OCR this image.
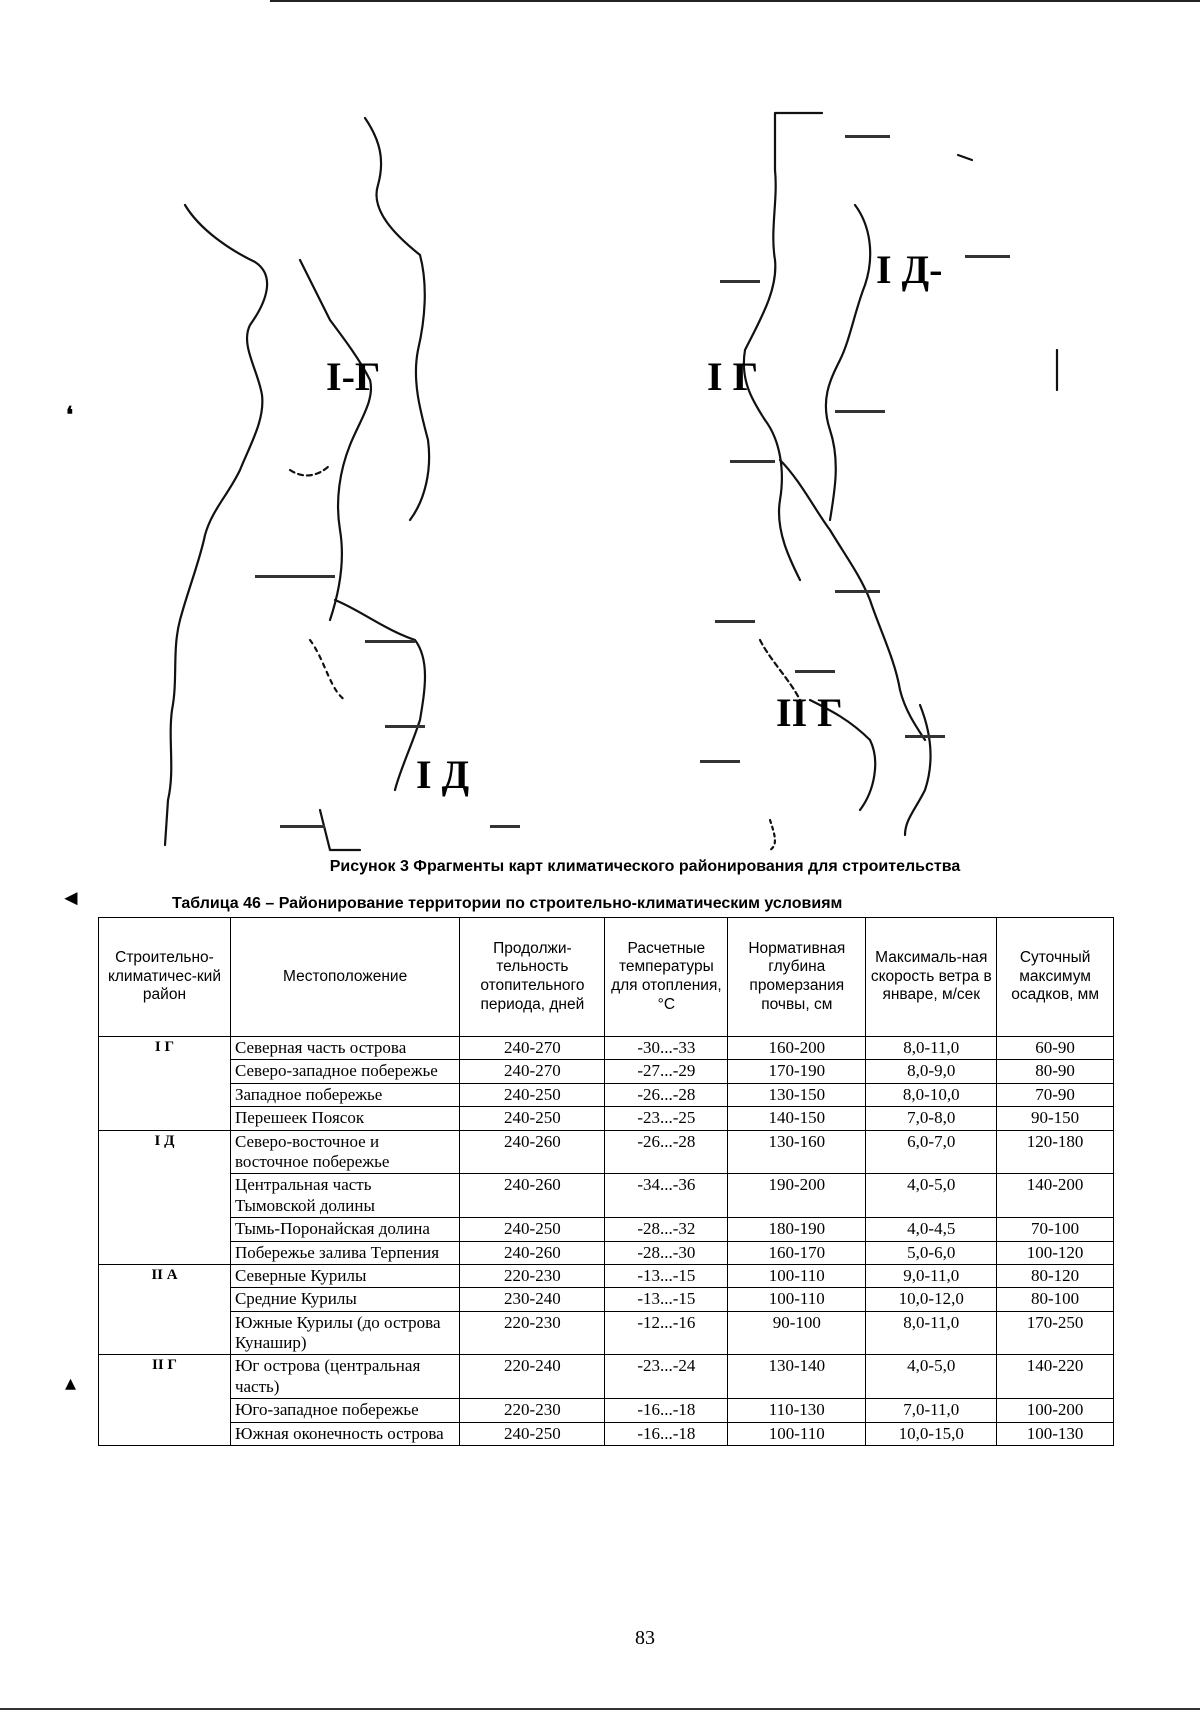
I-Г
I Д
I Д-
I Г
II Г
❛
◄
▴
Рисунок 3 Фрагменты карт климатического районирования для строительства
Таблица 46 – Районирование территории по строительно-климатическим условиям
Строительно-климатичес-кий район	Местоположение	Продолжи-тельность отопительного периода, дней	Расчетные температуры для отопления, °С	Нормативная глубина промерзания почвы, см	Максималь-ная скорость ветра в январе, м/сек	Суточный максимум осадков, мм
I Г	Северная часть острова	240-270	-30...-33	160-200	8,0-11,0	60-90
	Северо-западное побережье	240-270	-27...-29	170-190	8,0-9,0	80-90
	Западное побережье	240-250	-26...-28	130-150	8,0-10,0	70-90
	Перешеек Поясок	240-250	-23...-25	140-150	7,0-8,0	90-150
I Д	Северо-восточное и восточное побережье	240-260	-26...-28	130-160	6,0-7,0	120-180
	Центральная часть Тымовской долины	240-260	-34...-36	190-200	4,0-5,0	140-200
	Тымь-Поронайская долина	240-250	-28...-32	180-190	4,0-4,5	70-100
	Побережье залива Терпения	240-260	-28...-30	160-170	5,0-6,0	100-120
II А	Северные Курилы	220-230	-13...-15	100-110	9,0-11,0	80-120
	Средние Курилы	230-240	-13...-15	100-110	10,0-12,0	80-100
	Южные Курилы (до острова Кунашир)	220-230	-12...-16	90-100	8,0-11,0	170-250
II Г	Юг острова (центральная часть)	220-240	-23...-24	130-140	4,0-5,0	140-220
	Юго-западное побережье	220-230	-16...-18	110-130	7,0-11,0	100-200
	Южная оконечность острова	240-250	-16...-18	100-110	10,0-15,0	100-130
83
